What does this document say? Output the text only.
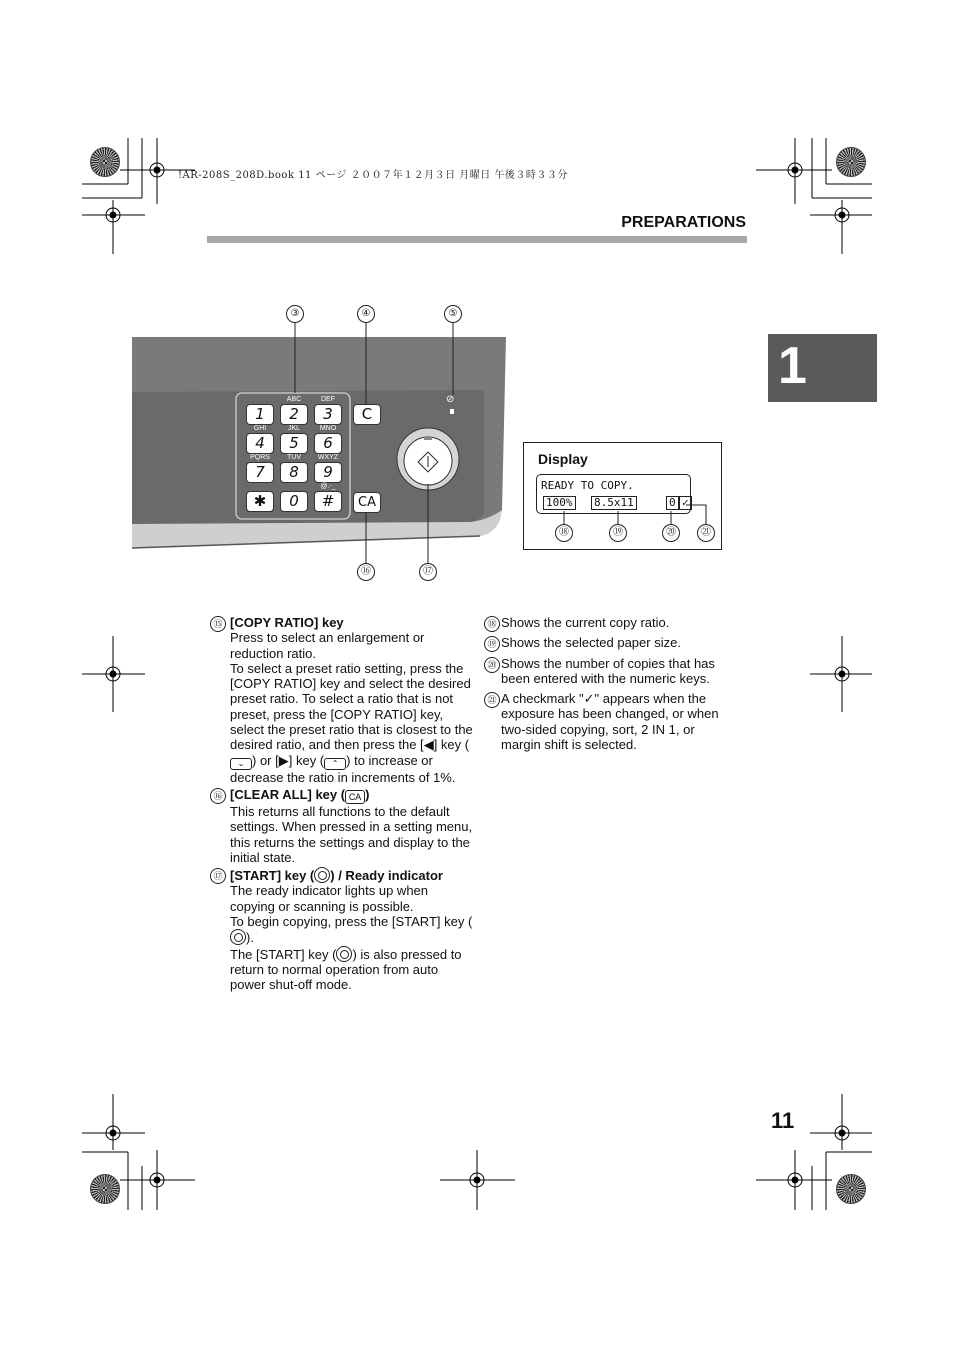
!AR-208S_208D.book 11 ページ ２００７年１２月３日 月曜日 午後３時３３分
PREPARATIONS
1
③	④	⑤
⑯	⑰
ABC	DEF
1	2	3
GHI	JKL	MNO
4	5	6
PQRS	TUV	WXYZ
7	8	9
@.-_
✱	0	#
C
CA
⊘
Display
READY TO COPY.
100% 8.5x11	0 ✓
⑱	⑲	⑳	㉑
⑮ [COPY RATIO] key

Press to select an enlargement or reduction ratio.

To select a preset ratio setting, press the [COPY RATIO] key and select the desired preset ratio. To select a ratio that is not preset, press the [COPY RATIO] key, select the preset ratio that is closest to the desired ratio, and then press the [◀] key (⌄ ) or [▶] key ( ⌃ ) to increase or decrease the ratio in increments of 1%.

⑯ [CLEAR ALL] key ( CA )

This returns all functions to the default settings. When pressed in a setting menu, this returns the settings and display to the initial state.

⑰ [START] key ( ) / Ready indicator

The ready indicator lights up when copying or scanning is possible.

To begin copying, press the [START] key ().

The [START] key ( ) is also pressed to return to normal operation from auto power shut-off mode.

⑱ Shows the current copy ratio.
⑲ Shows the selected paper size.
⑳ Shows the number of copies that has been entered with the numeric keys.
㉑ A checkmark "✓" appears when the exposure has been changed, or when two-sided copying, sort, 2 IN 1, or margin shift is selected.
11
